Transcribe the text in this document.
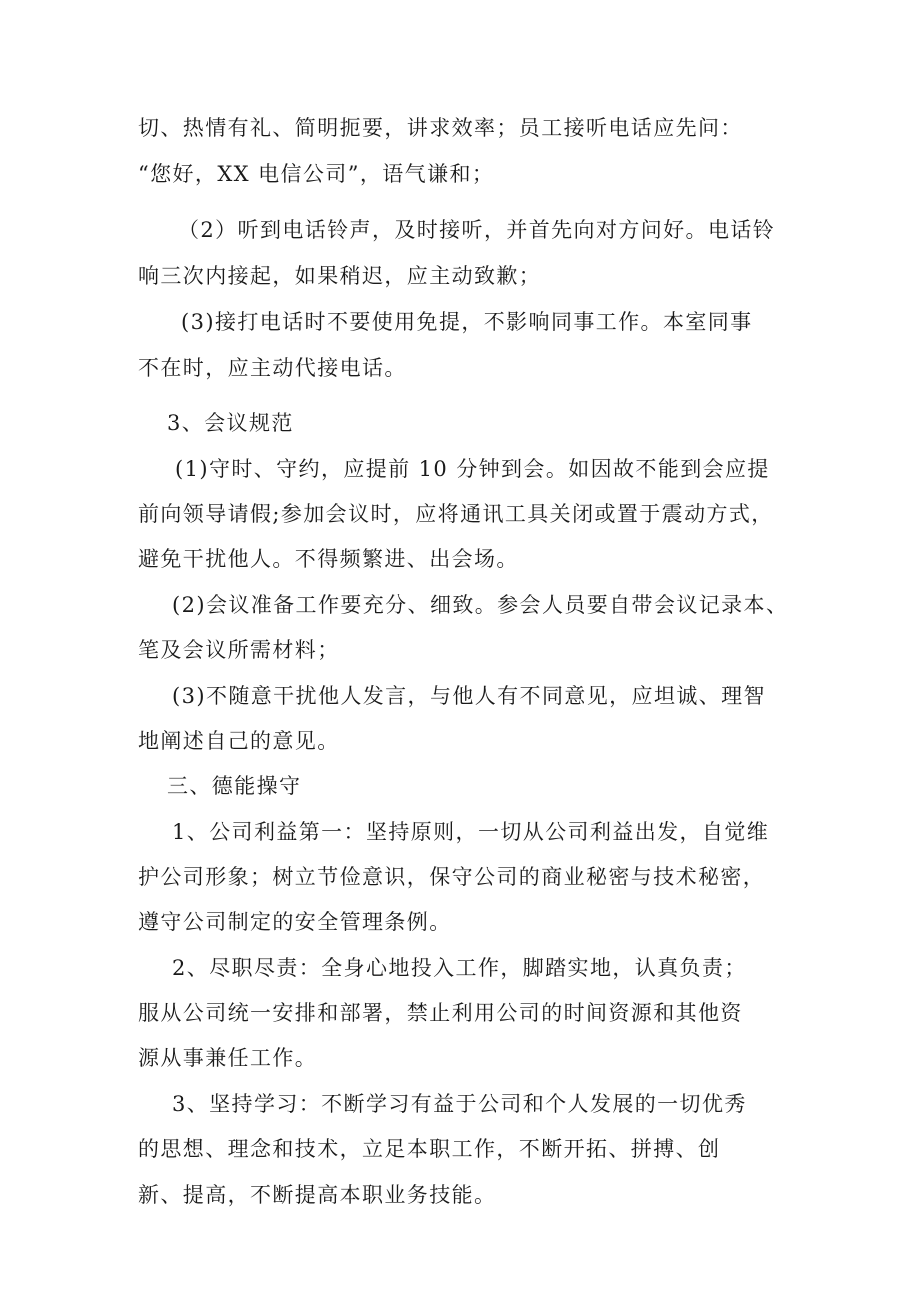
切、热情有礼、简明扼要，讲求效率；员工接听电话应先问：
“您好，XX 电信公司”，语气谦和；
（2）听到电话铃声，及时接听，并首先向对方问好。电话铃
响三次内接起，如果稍迟，应主动致歉；
(3)接打电话时不要使用免提，不影响同事工作。本室同事
不在时，应主动代接电话。
3、会议规范
(1)守时、守约，应提前 10 分钟到会。如因故不能到会应提
前向领导请假;参加会议时，应将通讯工具关闭或置于震动方式，
避免干扰他人。不得频繁进、出会场。
(2)会议准备工作要充分、细致。参会人员要自带会议记录本、
笔及会议所需材料；
(3)不随意干扰他人发言，与他人有不同意见，应坦诚、理智
地阐述自己的意见。
三、德能操守
1、公司利益第一：坚持原则，一切从公司利益出发，自觉维
护公司形象；树立节俭意识，保守公司的商业秘密与技术秘密，
遵守公司制定的安全管理条例。
2、尽职尽责：全身心地投入工作，脚踏实地，认真负责；
服从公司统一安排和部署，禁止利用公司的时间资源和其他资
源从事兼任工作。
3、坚持学习：不断学习有益于公司和个人发展的一切优秀
的思想、理念和技术，立足本职工作，不断开拓、拼搏、创
新、提高，不断提高本职业务技能。
